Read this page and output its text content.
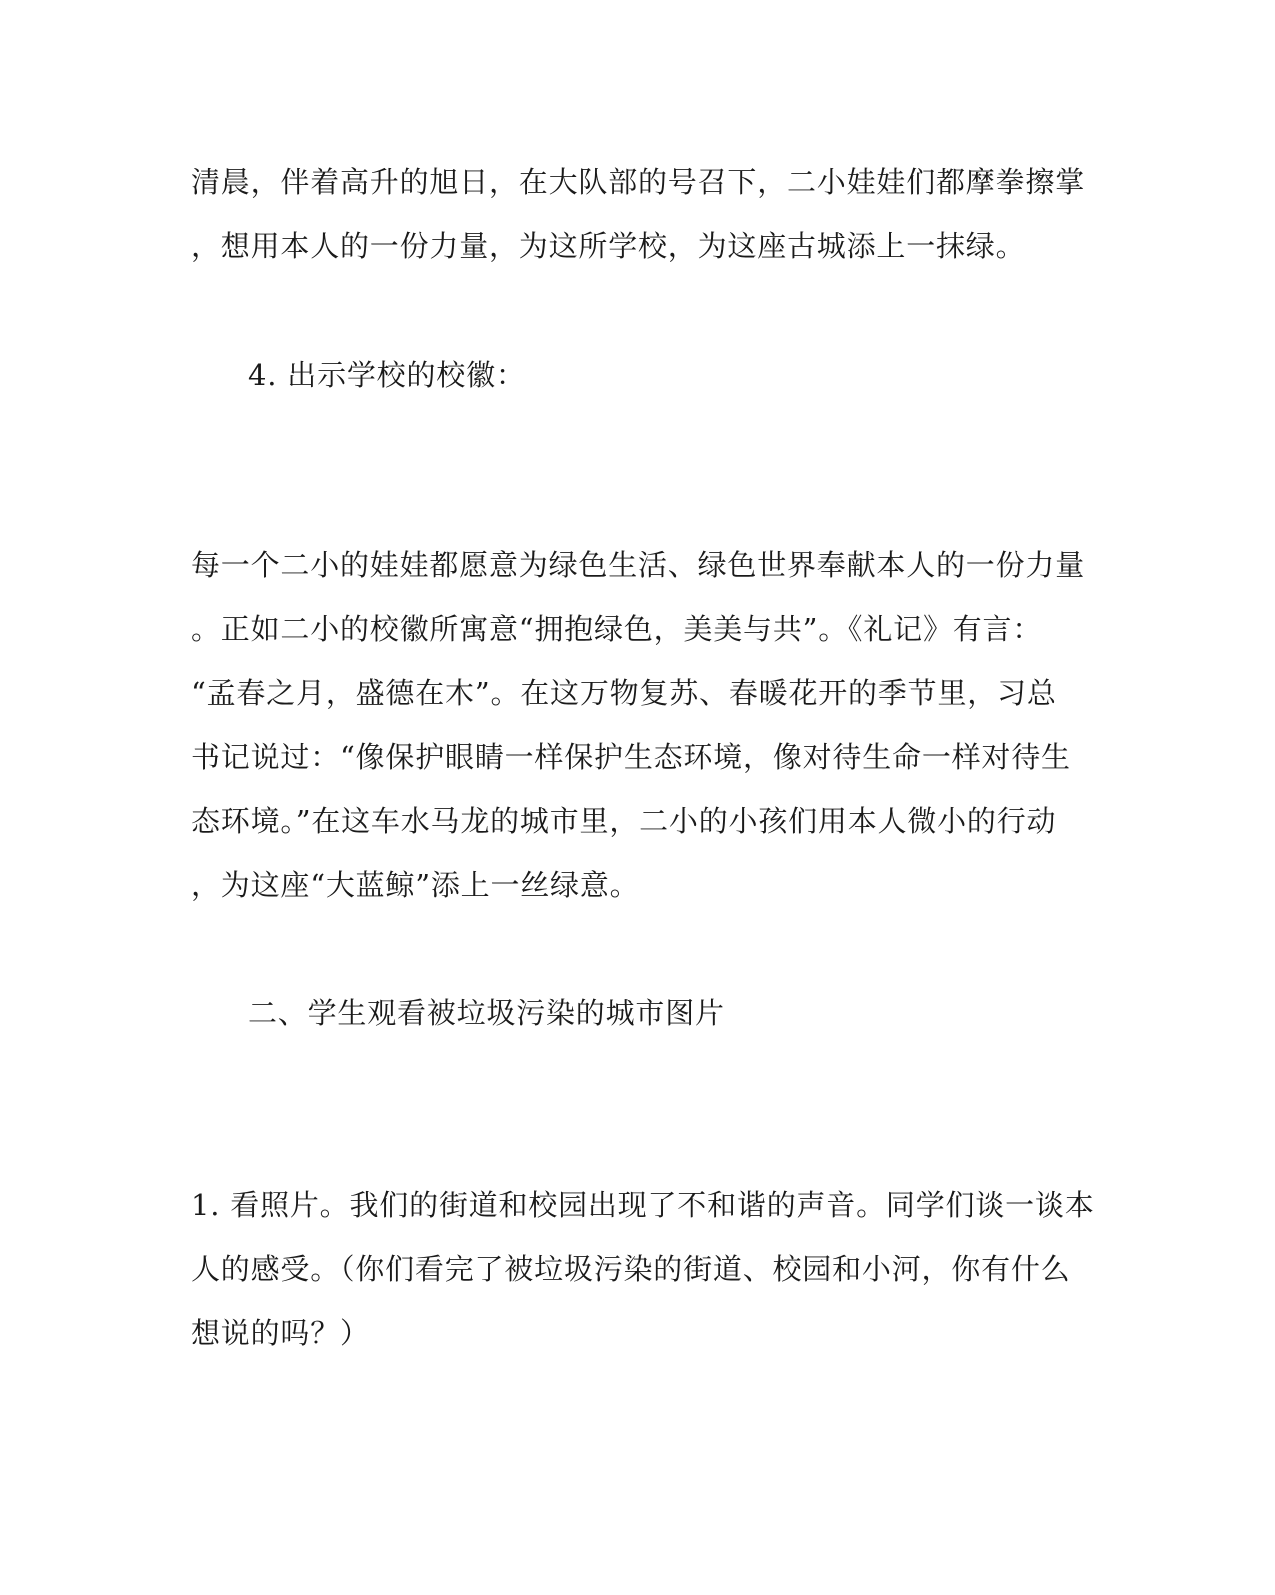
清晨，伴着高升的旭日，在大队部的号召下，二小娃娃们都摩拳擦掌

，想用本人的一份力量，为这所学校，为这座古城添上一抹绿。

4. 出示学校的校徽：

每一个二小的娃娃都愿意为绿色生活、绿色世界奉献本人的一份力量

。正如二小的校徽所寓意“拥抱绿色，美美与共”。《礼记》有言：

“孟春之月，盛德在木”。在这万物复苏、春暖花开的季节里，习总

书记说过：“像保护眼睛一样保护生态环境，像对待生命一样对待生

态环境。”在这车水马龙的城市里，二小的小孩们用本人微小的行动

，为这座“大蓝鲸”添上一丝绿意。

二、学生观看被垃圾污染的城市图片

1. 看照片。我们的街道和校园出现了不和谐的声音。同学们谈一谈本

人的感受。（你们看完了被垃圾污染的街道、校园和小河，你有什么

想说的吗？）
